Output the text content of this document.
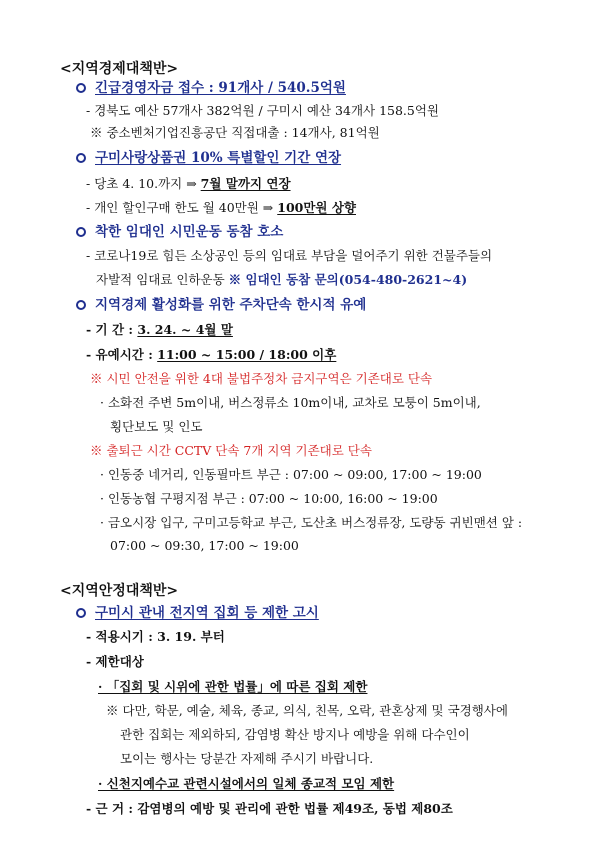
<지역경제대책반>
긴급경영자금 접수 : 91개사 / 540.5억원
- 경북도 예산 57개사 382억원 / 구미시 예산 34개사 158.5억원
※ 중소벤처기업진흥공단 직접대출 : 14개사, 81억원
구미사랑상품권 10% 특별할인 기간 연장
- 당초 4. 10.까지 ⇒ 7월 말까지 연장
- 개인 할인구매 한도 월 40만원 ⇒ 100만원 상향
착한 임대인 시민운동 동참 호소
- 코로나19로 힘든 소상공인 등의 임대료 부담을 덜어주기 위한 건물주들의
자발적 임대료 인하운동 ※ 임대인 동참 문의(054-480-2621~4)
지역경제 활성화를 위한 주차단속 한시적 유예
- 기 간 : 3. 24. ~ 4월 말
- 유예시간 : 11:00 ~ 15:00 / 18:00 이후
※ 시민 안전을 위한 4대 불법주정차 금지구역은 기존대로 단속
· 소화전 주변 5m이내, 버스정류소 10m이내, 교차로 모퉁이 5m이내,
횡단보도 및 인도
※ 출퇴근 시간 CCTV 단속 7개 지역 기존대로 단속
· 인동중 네거리, 인동필마트 부근 : 07:00 ~ 09:00, 17:00 ~ 19:00
· 인동농협 구평지점 부근 : 07:00 ~ 10:00, 16:00 ~ 19:00
· 금오시장 입구, 구미고등학교 부근, 도산초 버스정류장, 도량동 귀빈맨션 앞 :
07:00 ~ 09:30, 17:00 ~ 19:00
<지역안정대책반>
구미시 관내 전지역 집회 등 제한 고시
- 적용시기 : 3. 19. 부터
- 제한대상
· 「집회 및 시위에 관한 법률」에 따른 집회 제한
※ 다만, 학문, 예술, 체육, 종교, 의식, 친목, 오락, 관혼상제 및 국경행사에
관한 집회는 제외하되, 감염병 확산 방지나 예방을 위해 다수인이
모이는 행사는 당분간 자제해 주시기 바랍니다.
· 신천지예수교 관련시설에서의 일체 종교적 모임 제한
- 근 거 : 감염병의 예방 및 관리에 관한 법률 제49조, 동법 제80조
